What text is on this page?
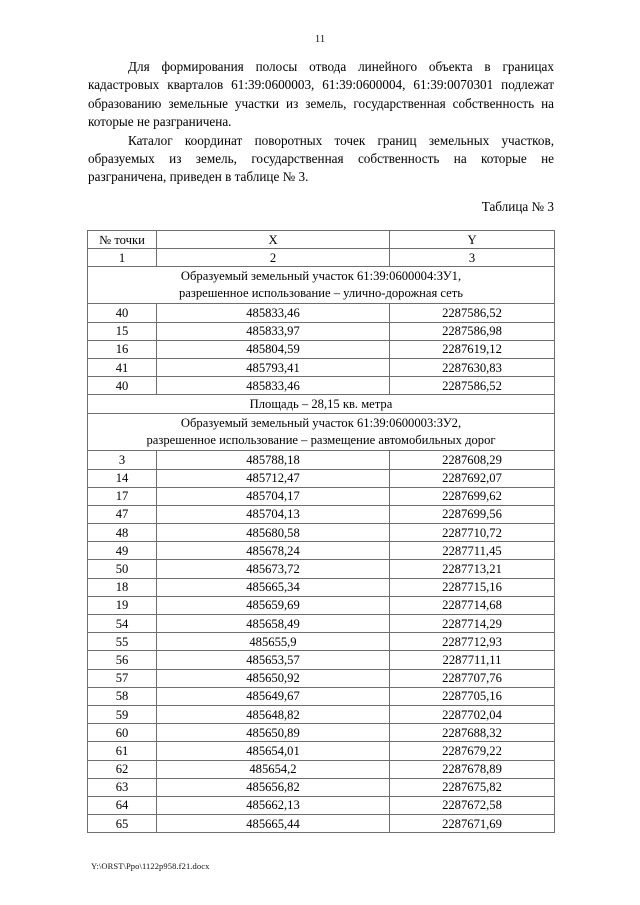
11

Для формирования полосы отвода линейного объекта в границах кадастровых кварталов 61:39:0600003, 61:39:0600004, 61:39:0070301 подлежат образованию земельные участки из земель, государственная собственность на которые не разграничена.

Каталог координат поворотных точек границ земельных участков, образуемых из земель, государственная собственность на которые не разграничена, приведен в таблице № 3.

Таблица № 3
№ точки	X	Y
1	2	3

Образуемый земельный участок 61:39:0600004:ЗУ1,
разрешенное использование – улично-дорожная сеть		

40	485833,46	2287586,52
15	485833,97	2287586,98
16	485804,59	2287619,12
41	485793,41	2287630,83
40	485833,46	2287586,52
Площадь – 28,15 кв. метра		

Образуемый земельный участок 61:39:0600003:ЗУ2,
разрешенное использование – размещение автомобильных дорог		

3	485788,18	2287608,29
14	485712,47	2287692,07
17	485704,17	2287699,62
47	485704,13	2287699,56
48	485680,58	2287710,72
49	485678,24	2287711,45
50	485673,72	2287713,21
18	485665,34	2287715,16
19	485659,69	2287714,68
54	485658,49	2287714,29
55	485655,9	2287712,93
56	485653,57	2287711,11
57	485650,92	2287707,76
58	485649,67	2287705,16
59	485648,82	2287702,04
60	485650,89	2287688,32
61	485654,01	2287679,22
62	485654,2	2287678,89
63	485656,82	2287675,82
64	485662,13	2287672,58
65	485665,44	2287671,69
Y:\ORST\Ppo\1122p958.f21.docx
